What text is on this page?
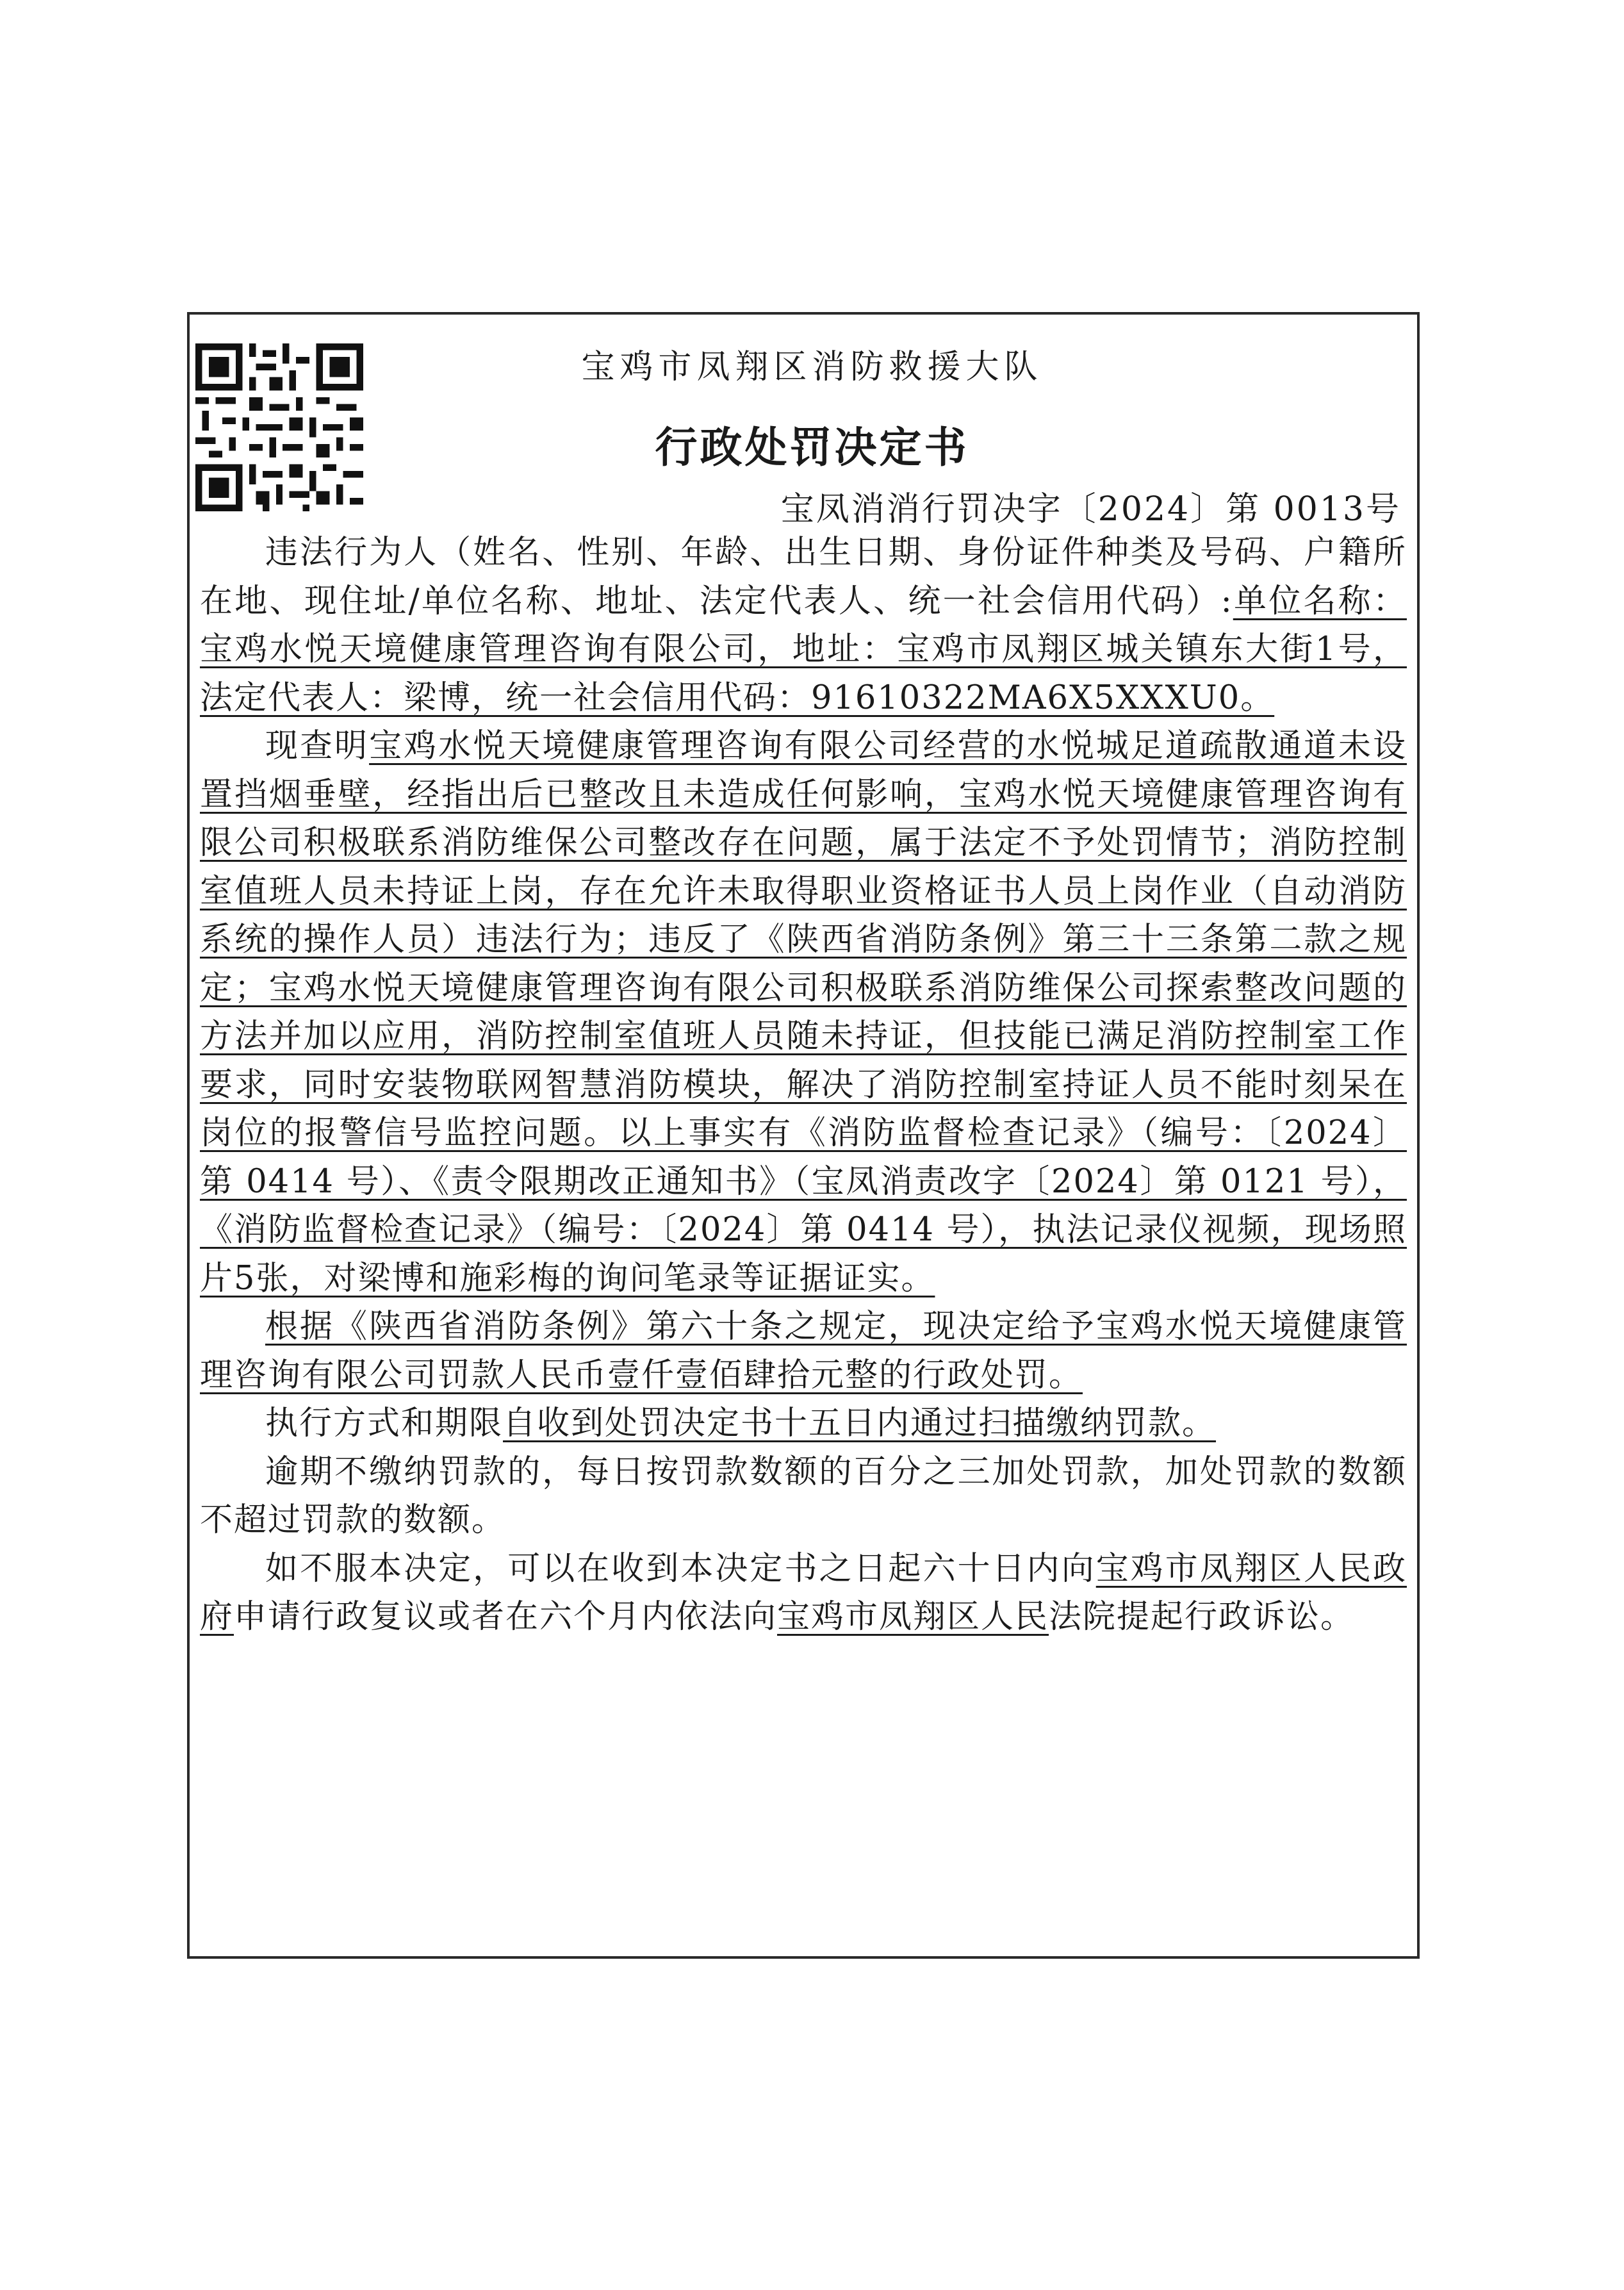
宝鸡市凤翔区消防救援大队
行政处罚决定书
宝凤消消行罚决字〔2024〕第 0013号

违法行为人（姓名、性别、年龄、出生日期、身份证件种类及号码、户籍所在地、现住址/单位名称、地址、法定代表人、统一社会信用代码）:单位名称：宝鸡水悦天境健康管理咨询有限公司，地址：宝鸡市凤翔区城关镇东大街1号，法定代表人：梁博，统一社会信用代码：91610322MA6X5XXXU0。

现查明宝鸡水悦天境健康管理咨询有限公司经营的水悦城足道疏散通道未设置挡烟垂壁，经指出后已整改且未造成任何影响，宝鸡水悦天境健康管理咨询有限公司积极联系消防维保公司整改存在问题，属于法定不予处罚情节；消防控制室值班人员未持证上岗，存在允许未取得职业资格证书人员上岗作业（自动消防系统的操作人员）违法行为；违反了《陕西省消防条例》第三十三条第二款之规定；宝鸡水悦天境健康管理咨询有限公司积极联系消防维保公司探索整改问题的方法并加以应用，消防控制室值班人员随未持证，但技能已满足消防控制室工作要求，同时安装物联网智慧消防模块，解决了消防控制室持证人员不能时刻呆在岗位的报警信号监控问题。以上事实有《消防监督检查记录》（编号：〔2024〕第 0414 号）、《责令限期改正通知书》（宝凤消责改字〔2024〕第 0121 号），《消防监督检查记录》（编号：〔2024〕第 0414 号），执法记录仪视频，现场照片5张，对梁博和施彩梅的询问笔录等证据证实。

根据《陕西省消防条例》第六十条之规定，现决定给予宝鸡水悦天境健康管理咨询有限公司罚款人民币壹仟壹佰肆拾元整的行政处罚。

执行方式和期限自收到处罚决定书十五日内通过扫描缴纳罚款。

逾期不缴纳罚款的，每日按罚款数额的百分之三加处罚款，加处罚款的数额不超过罚款的数额。

如不服本决定，可以在收到本决定书之日起六十日内向宝鸡市凤翔区人民政府申请行政复议或者在六个月内依法向宝鸡市凤翔区人民法院提起行政诉讼。
